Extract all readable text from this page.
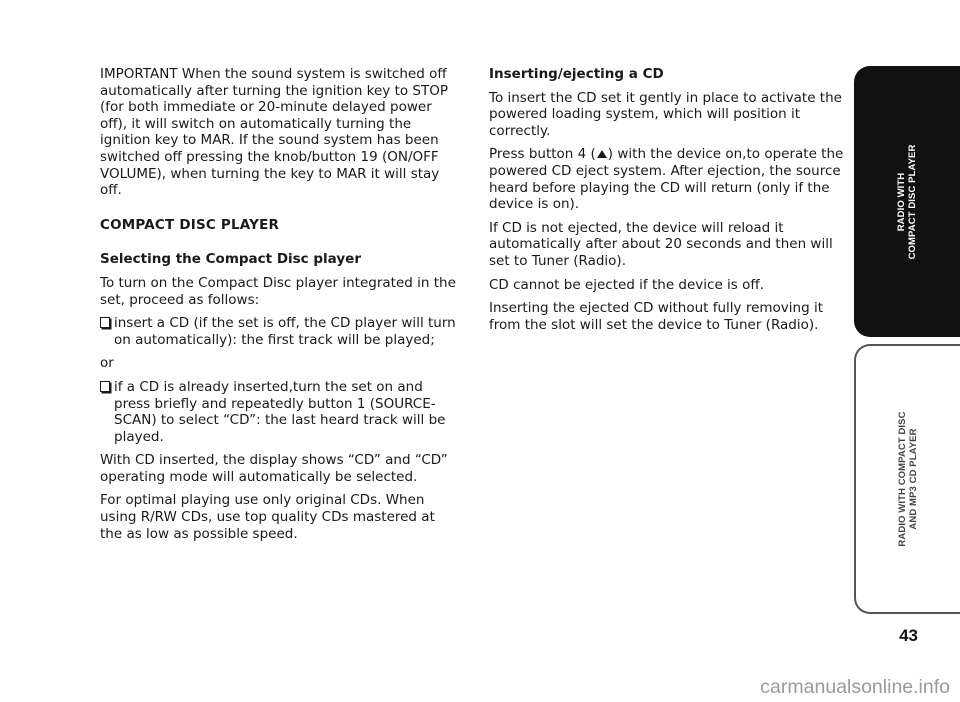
IMPORTANT When the sound system is switched off automatically after turning the ignition key to STOP (for both immediate or 20-minute delayed power off), it will switch on automatically turning the ignition key to MAR. If the sound system has been switched off pressing the knob/button 19 (ON/OFF VOLUME), when turning the key to MAR it will stay off.

COMPACT DISC PLAYER
Selecting the Compact Disc player

To turn on the Compact Disc player integrated in the set, proceed as follows:

insert a CD (if the set is off, the CD player will turn on automatically): the first track will be played;

or

if a CD is already inserted,turn the set on and press briefly and repeatedly button 1 (SOURCE-SCAN) to select “CD”: the last heard track will be played.

With CD inserted, the display shows “CD” and “CD” operating mode will automatically be selected.

For optimal playing use only original CDs. When using R/RW CDs, use top quality CDs mastered at the as low as possible speed.

Inserting/ejecting a CD

To insert the CD set it gently in place to activate the powered loading system, which will position it correctly.

Press button 4 ( ) with the device on,to operate the powered CD eject system. After ejection, the source heard before playing the CD will return (only if the device is on).

If CD is not ejected, the device will reload it automatically after about 20 seconds and then will set to Tuner (Radio).

CD cannot be ejected if the device is off.

Inserting the ejected CD without fully removing it from the slot will set the device to Tuner (Radio).

RADIO WITH COMPACT DISC PLAYER
RADIO WITH COMPACT DISC AND MP3 CD PLAYER
43
carmanualsonline.info
